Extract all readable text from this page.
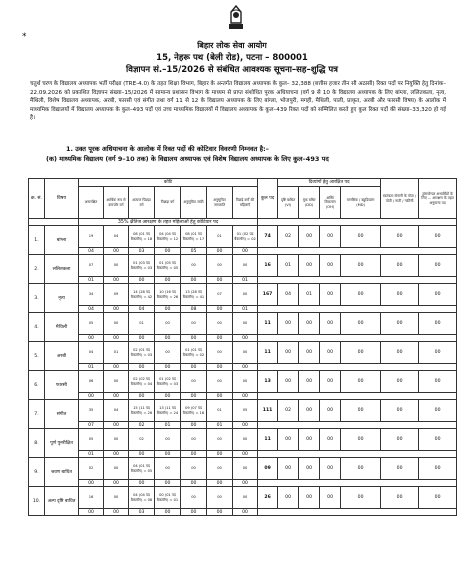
*
बिहार लोक सेवा आयोग
15, नेहरू पथ (बेली रोड), पटना – 800001
विज्ञापन सं.–15/2026 से संबंधित आवश्यक सूचना–सह–शुद्धि पत्र
चतुर्थ चरण के विद्यालय अध्यापक भर्ती परीक्षा (TRE-4.0) के तहत शिक्षा विभाग, बिहार के अन्तर्गत विद्यालय अध्यापक के कुल– 32,388 (बत्तीस हजार तीन सौ अठासी) रिक्त पदों पर नियुक्ति हेतु दिनांक–22.09.2026 को प्रकाशित विज्ञापन संख्या–15/2026 में सामान्य प्रशासन विभाग के माध्यम से प्राप्त संशोधित पूरक अधियाचना (वर्ग 9 से 10 के विद्यालय अध्यापक के लिए बांग्ला, ललितकला, नृत्य, मैथिली, विशेष विद्यालय अध्यापक, अरबी, फारसी एवं संगीत तथा वर्ग 11 से 12 के विद्यालय अध्यापक के लिए बांग्ला, भोजपुरी, मगही, मैथिली, पाली, प्राकृत, अरबी और फारसी विषय) के आलोक में माध्यमिक विद्यालयों में विद्यालय अध्यापक के कुल–493 पदों एवं उच्च माध्यमिक विद्यालयों में विद्यालय अध्यापक के कुल–439 रिक्त पदों को सम्मिलित करते हुए कुल रिक्त पदों की संख्या–33,320 हो गई है।
1. उक्त पूरक अधियाचना के आलोक में रिक्त पदों की कोटिवार विवरणी निम्नवत है:–
(क) माध्यमिक विद्यालय (वर्ग 9–10 तक) के विद्यालय अध्यापक एवं विशेष विद्यालय अध्यापक के लिए कुल–493 पद
क्र. सं.	विषय	कोटि							कुल पद	दिव्यांगों हेतु आरक्षित पद				स्वतंत्रता सेनानी के पोता / पोती / नाती / नातिनी	ट्रांसजेण्डर अभ्यर्थियों के लिए ... आरक्षण के तहत अनुमान्य पद
		अनारक्षित	आर्थिक रूप से कमजोर वर्ग	अत्यन्त पिछड़ा वर्ग	पिछड़ा वर्ग	अनुसूचित जाति	अनुसूचित जनजाति	पिछड़े वर्गों की महिलाएँ		दृष्टि बाधित (VI)	मूक बधिर (DD)	अस्थि विकलांग (OH)	मानसिक / बहुदिव्यांग (MD)		
		35% क्षैतिज आरक्षण के तहत महिलाओं हेतु कोटिवार पद													
1.	बांग्ला	19	04	08 (01 पद बैकलॉग) = 18	04 (04 पद बैकलॉग) = 12	08 (01 पद बैकलॉग) = 17	01	01 (02 पद बैकलॉग) = 02	74	02	00	00	00	00	00
		04	00	03	00	05	00	00							
2.	ललितकला	07	00	01 (03 पद बैकलॉग) = 03	01 (05 पद बैकलॉग) = 05	00	00	00	16	01	00	00	00	00	00
		01	00	00	00	00	00	01							
3.	नृत्य	34	09	14 (28 पद बैकलॉग) = 42	10 (16 पद बैकलॉग) = 26	13 (28 पद बैकलॉग) = 41	07	00	167	04	01	00	00	00	00
		04	00	04	00	08	00	01							
4.	मैथिली	05	00	01	00	00	00	00	11	00	00	00	00	00	00
		00	00	00	00	00	00	00							
5.	अरबी	04	01	02 (01 पद बैकलॉग) = 03	00	01 (01 पद बैकलॉग) = 02	00	00	11	00	00	00	00	00	00
		01	00	00	00	00	00	00							
6.	फारसी	06	00	02 (02 पद बैकलॉग) = 04	01 (02 पद बैकलॉग) = 03	00	00	00	13	00	00	00	00	00	00
		00	00	00	00	00	00	00							
7.	संगीत	35	04	15 (11 पद बैकलॉग) = 26	13 (11 पद बैकलॉग) = 24	09 (07 पद बैकलॉग) = 16	01	05	111	02	00	00	00	00	00
		07	00	02	01	00	01	00							
8.	पूर्ण पुनरीक्षित	05	00	02	00	00	00	00	11	00	00	00	00	00	00
		01	00	00	00	00	00	00							
9.	श्रवण बाधित	02	00	04 (01 पद बैकलॉग) = 05	00	00	00	00	09	00	00	00	00	00	00
		00	00	00	00	00	00	00							
10.	अल्प दृष्टि बाधित	16	00	04 (04 पद बैकलॉग) = 08	00 (01 पद बैकलॉग) = 01	00	00	00	26	00	00	00	00	00	00
		00	00	03	00	00	00	00							
